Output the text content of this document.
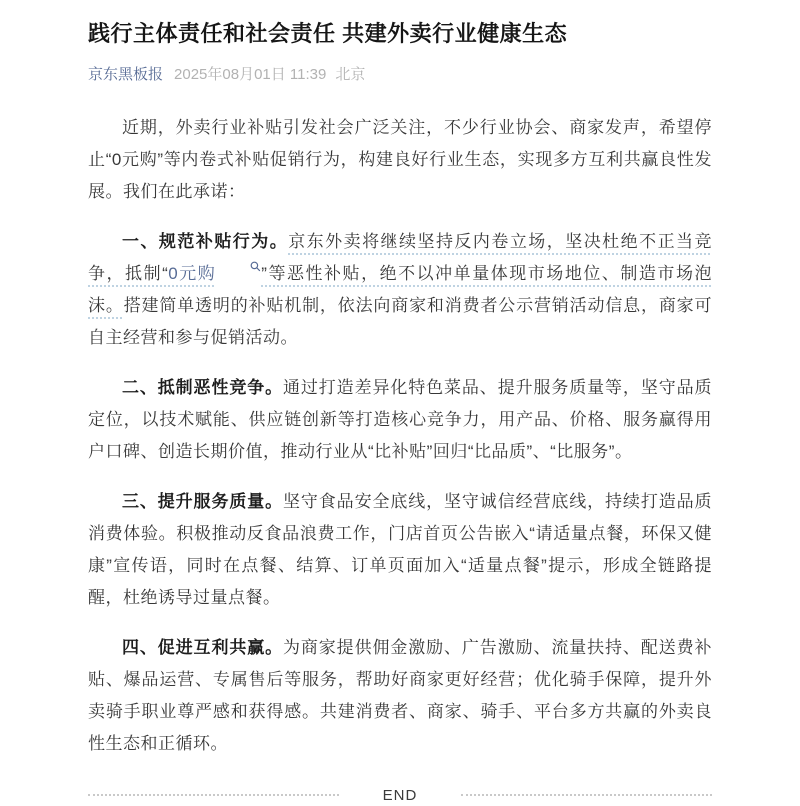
践行主体责任和社会责任 共建外卖行业健康生态
京东黑板报 2025年08月01日 11:39 北京

近期，外卖行业补贴引发社会广泛关注，不少行业协会、商家发声，希望停止“0元购”等内卷式补贴促销行为，构建良好行业生态，实现多方互利共赢良性发展。我们在此承诺：

一、规范补贴行为。京东外卖将继续坚持反内卷立场，坚决杜绝不正当竞争，抵制“0元购	”等恶性补贴，绝不以冲单量体现市场地位、制造市场泡沫。搭建简单透明的补贴机制，依法向商家和消费者公示营销活动信息，商家可自主经营和参与促销活动。

二、抵制恶性竞争。通过打造差异化特色菜品、提升服务质量等，坚守品质定位，以技术赋能、供应链创新等打造核心竞争力，用产品、价格、服务赢得用户口碑、创造长期价值，推动行业从“比补贴”回归“比品质”、“比服务”。

三、提升服务质量。坚守食品安全底线，坚守诚信经营底线，持续打造品质消费体验。积极推动反食品浪费工作，门店首页公告嵌入“请适量点餐，环保又健康”宣传语，同时在点餐、结算、订单页面加入“适量点餐”提示，形成全链路提醒，杜绝诱导过量点餐。

四、促进互利共赢。为商家提供佣金激励、广告激励、流量扶持、配送费补贴、爆品运营、专属售后等服务，帮助好商家更好经营；优化骑手保障，提升外卖骑手职业尊严感和获得感。共建消费者、商家、骑手、平台多方共赢的外卖良性生态和正循环。

END
